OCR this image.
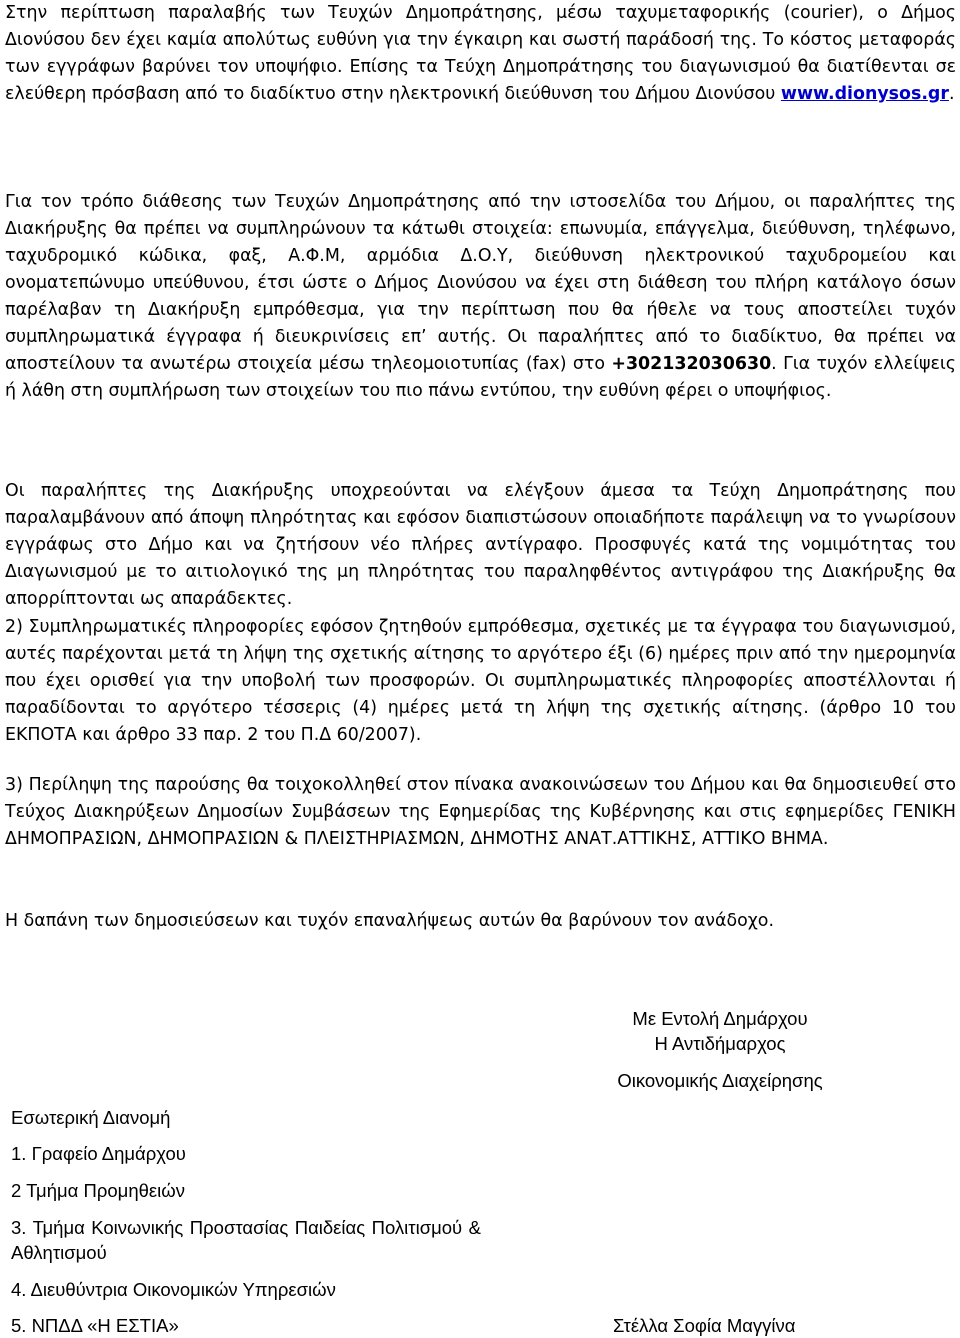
Στην περίπτωση παραλαβής των Τευχών Δημοπράτησης, μέσω ταχυμεταφορικής (courier), ο Δήμος Διονύσου δεν έχει καμία απολύτως ευθύνη για την έγκαιρη και σωστή παράδοσή της. Το κόστος μεταφοράς των εγγράφων βαρύνει τον υποψήφιο. Επίσης τα Τεύχη Δημοπράτησης του διαγωνισμού θα διατίθενται σε ελεύθερη πρόσβαση από το διαδίκτυο στην ηλεκτρονική διεύθυνση του Δήμου Διονύσου www.dionysos.gr.

Για τον τρόπο διάθεσης των Τευχών Δημοπράτησης από την ιστοσελίδα του Δήμου, οι παραλήπτες της Διακήρυξης θα πρέπει να συμπληρώνουν τα κάτωθι στοιχεία: επωνυμία, επάγγελμα, διεύθυνση, τηλέφωνο, ταχυδρομικό κώδικα, φαξ, Α.Φ.Μ, αρμόδια Δ.Ο.Υ, διεύθυνση ηλεκτρονικού ταχυδρομείου και ονοματεπώνυμο υπεύθυνου, έτσι ώστε ο Δήμος Διονύσου να έχει στη διάθεση του πλήρη κατάλογο όσων παρέλαβαν τη Διακήρυξη εμπρόθεσμα, για την περίπτωση που θα ήθελε να τους αποστείλει τυχόν συμπληρωματικά έγγραφα ή διευκρινίσεις επ’ αυτής. Οι παραλήπτες από το διαδίκτυο, θα πρέπει να αποστείλουν τα ανωτέρω στοιχεία μέσω τηλεομοιοτυπίας (fax) στο +302132030630. Για τυχόν ελλείψεις ή λάθη στη συμπλήρωση των στοιχείων του πιο πάνω εντύπου, την ευθύνη φέρει ο υποψήφιος.

Οι παραλήπτες της Διακήρυξης υποχρεούνται να ελέγξουν άμεσα τα Τεύχη Δημοπράτησης που παραλαμβάνουν από άποψη πληρότητας και εφόσον διαπιστώσουν οποιαδήποτε παράλειψη να το γνωρίσουν εγγράφως στο Δήμο και να ζητήσουν νέο πλήρες αντίγραφο. Προσφυγές κατά της νομιμότητας του Διαγωνισμού με το αιτιολογικό της μη πληρότητας του παραληφθέντος αντιγράφου της Διακήρυξης θα απορρίπτονται ως απαράδεκτες.

2) Συμπληρωματικές πληροφορίες εφόσον ζητηθούν εμπρόθεσμα, σχετικές με τα έγγραφα του διαγωνισμού, αυτές παρέχονται μετά τη λήψη της σχετικής αίτησης το αργότερο έξι (6) ημέρες πριν από την ημερομηνία που έχει ορισθεί για την υποβολή των προσφορών. Οι συμπληρωματικές πληροφορίες αποστέλλονται ή παραδίδονται το αργότερο τέσσερις (4) ημέρες μετά τη λήψη της σχετικής αίτησης. (άρθρο 10 του ΕΚΠΟΤΑ και άρθρο 33 παρ. 2 του Π.Δ 60/2007).

3) Περίληψη της παρούσης θα τοιχοκολληθεί στον πίνακα ανακοινώσεων του Δήμου και θα δημοσιευθεί στο Τεύχος Διακηρύξεων Δημοσίων Συμβάσεων της Εφημερίδας της Κυβέρνησης και στις εφημερίδες ΓΕΝΙΚΗ ΔΗΜΟΠΡΑΣΙΩΝ, ΔΗΜΟΠΡΑΣΙΩΝ & ΠΛΕΙΣΤΗΡΙΑΣΜΩΝ, ΔΗΜΟΤΗΣ ΑΝΑΤ.ΑΤΤΙΚΗΣ, ΑΤΤΙΚΟ ΒΗΜΑ.

Η δαπάνη των δημοσιεύσεων και τυχόν επαναλήψεως αυτών θα βαρύνουν τον ανάδοχο.

Με Εντολή Δημάρχου

Η Αντιδήμαρχος

Οικονομικής Διαχείρησης

Στέλλα Σοφία Μαγγίνα

Εσωτερική Διανομή

1. Γραφείο Δημάρχου

2 Τμήμα Προμηθειών

3. Τμήμα Κοινωνικής Προστασίας Παιδείας Πολιτισμού & Αθλητισμού

4. Διευθύντρια Οικονομικών Υπηρεσιών

5. ΝΠΔΔ «Η ΕΣΤΙΑ»
